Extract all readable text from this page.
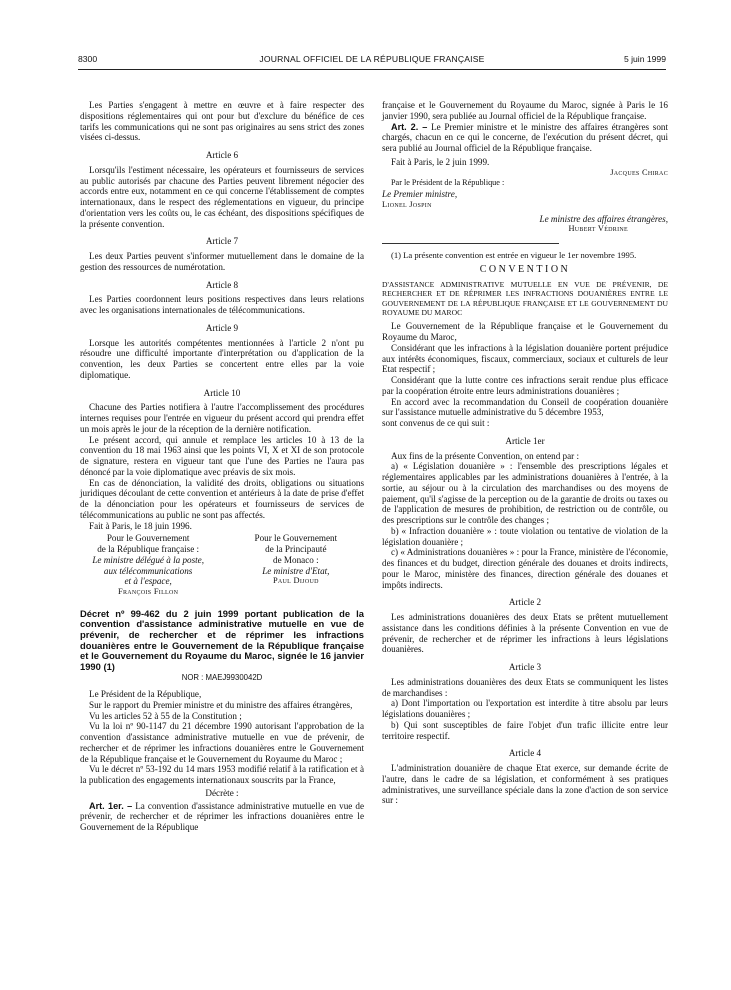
8300	JOURNAL OFFICIEL DE LA RÉPUBLIQUE FRANÇAISE	5 juin 1999

Les Parties s'engagent à mettre en œuvre et à faire respecter des dispositions réglementaires qui ont pour but d'exclure du bénéfice de ces tarifs les communications qui ne sont pas originaires au sens strict des zones visées ci-dessus.

Article 6

Lorsqu'ils l'estiment nécessaire, les opérateurs et fournisseurs de services au public autorisés par chacune des Parties peuvent librement négocier des accords entre eux, notamment en ce qui concerne l'établissement de comptes internationaux, dans le respect des réglementations en vigueur, du principe d'orientation vers les coûts ou, le cas échéant, des dispositions spécifiques de la présente convention.

Article 7

Les deux Parties peuvent s'informer mutuellement dans le domaine de la gestion des ressources de numérotation.

Article 8

Les Parties coordonnent leurs positions respectives dans leurs relations avec les organisations internationales de télécommunications.

Article 9

Lorsque les autorités compétentes mentionnées à l'article 2 n'ont pu résoudre une difficulté importante d'interprétation ou d'application de la convention, les deux Parties se concertent entre elles par la voie diplomatique.

Article 10

Chacune des Parties notifiera à l'autre l'accomplissement des procédures internes requises pour l'entrée en vigueur du présent accord qui prendra effet un mois après le jour de la réception de la dernière notification.

Le présent accord, qui annule et remplace les articles 10 à 13 de la convention du 18 mai 1963 ainsi que les points VI, X et XI de son protocole de signature, restera en vigueur tant que l'une des Parties ne l'aura pas dénoncé par la voie diplomatique avec préavis de six mois.

En cas de dénonciation, la validité des droits, obligations ou situations juridiques découlant de cette convention et antérieurs à la date de prise d'effet de la dénonciation pour les opérateurs et fournisseurs de services de télécommunications au public ne sont pas affectés.

Fait à Paris, le 18 juin 1996.

Pour le Gouvernement
de la République française :
Le ministre délégué à la poste,
aux télécommunications
et à l'espace,
François Fillon
Pour le Gouvernement
de la Principauté
de Monaco :
Le ministre d'Etat,
Paul Dijoud

Décret nº 99-462 du 2 juin 1999 portant publication de la convention d'assistance administrative mutuelle en vue de prévenir, de rechercher et de réprimer les infractions douanières entre le Gouvernement de la République française et le Gouvernement du Royaume du Maroc, signée le 16 janvier 1990 (1)

NOR : MAEJ9930042D

Le Président de la République,

Sur le rapport du Premier ministre et du ministre des affaires étrangères,

Vu les articles 52 à 55 de la Constitution ;

Vu la loi nº 90-1147 du 21 décembre 1990 autorisant l'approbation de la convention d'assistance administrative mutuelle en vue de prévenir, de rechercher et de réprimer les infractions douanières entre le Gouvernement de la République française et le Gouvernement du Royaume du Maroc ;

Vu le décret nº 53-192 du 14 mars 1953 modifié relatif à la ratification et à la publication des engagements internationaux souscrits par la France,

Décrète :

Art. 1er. – La convention d'assistance administrative mutuelle en vue de prévenir, de rechercher et de réprimer les infractions douanières entre le Gouvernement de la République

française et le Gouvernement du Royaume du Maroc, signée à Paris le 16 janvier 1990, sera publiée au Journal officiel de la République française.

Art. 2. – Le Premier ministre et le ministre des affaires étrangères sont chargés, chacun en ce qui le concerne, de l'exécution du présent décret, qui sera publié au Journal officiel de la République française.

Fait à Paris, le 2 juin 1999.

Jacques Chirac

Par le Président de la République :

Le Premier ministre,

Lionel Jospin

Le ministre des affaires étrangères,

Hubert Védrine

(1) La présente convention est entrée en vigueur le 1er novembre 1995.

CONVENTION

D'ASSISTANCE ADMINISTRATIVE MUTUELLE EN VUE DE PRÉVENIR, DE RECHERCHER ET DE RÉPRIMER LES INFRACTIONS DOUANIÈRES ENTRE LE GOUVERNEMENT DE LA RÉPUBLIQUE FRANÇAISE ET LE GOUVERNEMENT DU ROYAUME DU MAROC

Le Gouvernement de la République française et le Gouvernement du Royaume du Maroc,

Considérant que les infractions à la législation douanière portent préjudice aux intérêts économiques, fiscaux, commerciaux, sociaux et culturels de leur Etat respectif ;

Considérant que la lutte contre ces infractions serait rendue plus efficace par la coopération étroite entre leurs administrations douanières ;

En accord avec la recommandation du Conseil de coopération douanière sur l'assistance mutuelle administrative du 5 décembre 1953,

sont convenus de ce qui suit :

Article 1er

Aux fins de la présente Convention, on entend par :

a) « Législation douanière » : l'ensemble des prescriptions légales et réglementaires applicables par les administrations douanières à l'entrée, à la sortie, au séjour ou à la circulation des marchandises ou des moyens de paiement, qu'il s'agisse de la perception ou de la garantie de droits ou taxes ou de l'application de mesures de prohibition, de restriction ou de contrôle, ou des prescriptions sur le contrôle des changes ;

b) « Infraction douanière » : toute violation ou tentative de violation de la législation douanière ;

c) « Administrations douanières » : pour la France, ministère de l'économie, des finances et du budget, direction générale des douanes et droits indirects, pour le Maroc, ministère des finances, direction générale des douanes et impôts indirects.

Article 2

Les administrations douanières des deux Etats se prêtent mutuellement assistance dans les conditions définies à la présente Convention en vue de prévenir, de rechercher et de réprimer les infractions à leurs législations douanières.

Article 3

Les administrations douanières des deux Etats se communiquent les listes de marchandises :

a) Dont l'importation ou l'exportation est interdite à titre absolu par leurs législations douanières ;

b) Qui sont susceptibles de faire l'objet d'un trafic illicite entre leur territoire respectif.

Article 4

L'administration douanière de chaque Etat exerce, sur demande écrite de l'autre, dans le cadre de sa législation, et conformément à ses pratiques administratives, une surveillance spéciale dans la zone d'action de son service sur :
